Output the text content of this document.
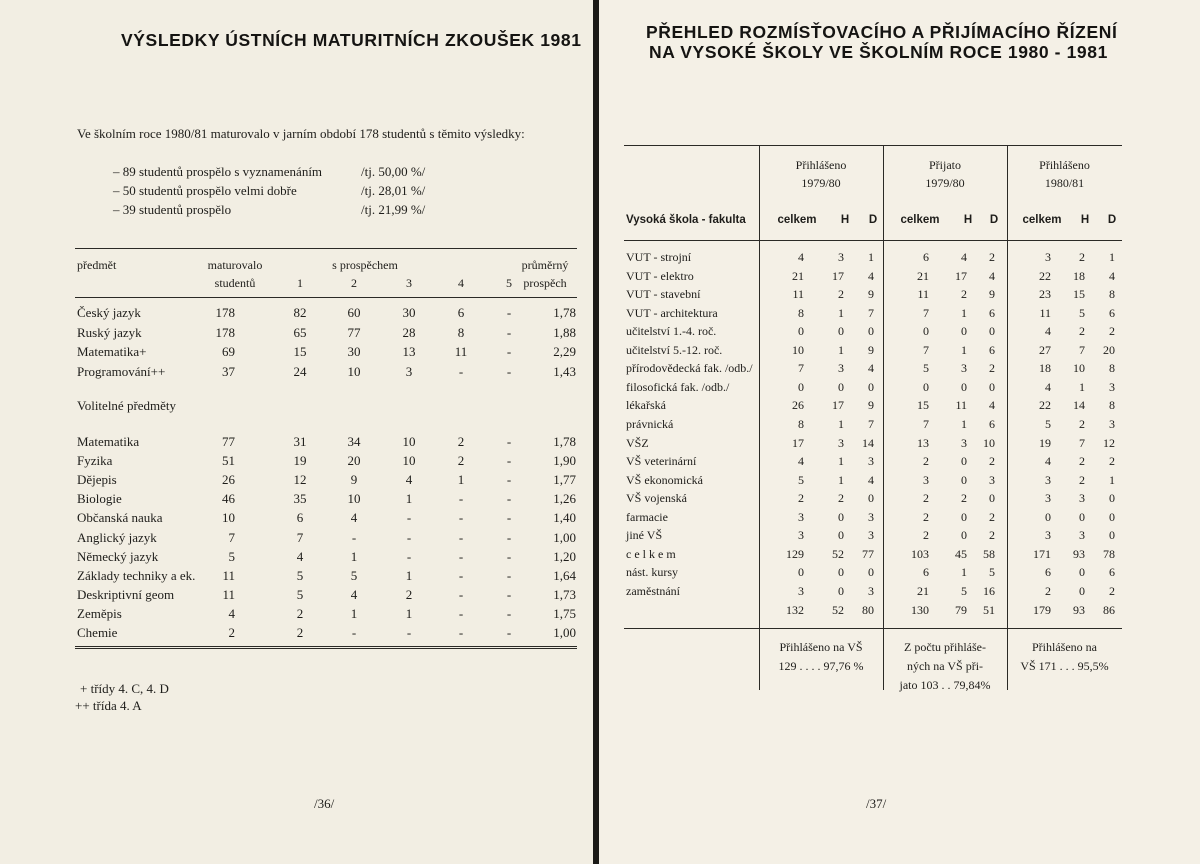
VÝSLEDKY ÚSTNÍCH MATURITNÍCH ZKOUŠEK 1981
Ve školním roce 1980/81 maturovalo v jarním období 178 studentů s těmito výsledky:
– 89 studentů prospělo s vyznamenáním	/tj. 50,00 %/
– 50 studentů prospělo velmi dobře	/tj. 28,01 %/
– 39 studentů prospělo	/tj. 21,99 %/
předmět	maturovalo
studentů
s prospěchem	průměrný
prospěch
1	2	3	4	5
Český jazyk	178	82	60	30	6	-	1,78
Ruský jazyk	178	65	77	28	8	-	1,88
Matematika+	69	15	30	13	11	-	2,29
Programování++	37	24	10	3	-	-	1,43
Matematika	77	31	34	10	2	-	1,78
Fyzika	51	19	20	10	2	-	1,90
Dějepis	26	12	9	4	1	-	1,77
Biologie	46	35	10	1	-	-	1,26
Občanská nauka	10	6	4	-	-	-	1,40
Anglický jazyk	7	7	-	-	-	-	1,00
Německý jazyk	5	4	1	-	-	-	1,20
Základy techniky a ek.	11	5	5	1	-	-	1,64
Deskriptivní geom	11	5	4	2	-	-	1,73
Zeměpis	4	2	1	1	-	-	1,75
Chemie	2	2	-	-	-	-	1,00
Volitelné předměty
+ třídy 4. C, 4. D
++ třída 4. A
/36/
PŘEHLED ROZMÍSŤOVACÍHO A PŘIJÍMACÍHO ŘÍZENÍ
NA VYSOKÉ ŠKOLY VE ŠKOLNÍM ROCE 1980 - 1981
Vysoká škola - fakulta
Přihlášeno
1979/80
Přijato
1979/80
Přihlášeno
1980/81
celkem	H	D	celkem	H	D	celkem	H	D
VUT - strojní	4	3	1	6	4	2	3	2	1
VUT - elektro	21	17	4	21	17	4	22	18	4
VUT - stavební	11	2	9	11	2	9	23	15	8
VUT - architektura	8	1	7	7	1	6	11	5	6
učitelství 1.-4. roč.	0	0	0	0	0	0	4	2	2
učitelství 5.-12. roč.	10	1	9	7	1	6	27	7	20
přírodovědecká fak. /odb./	7	3	4	5	3	2	18	10	8
filosofická fak. /odb./	0	0	0	0	0	0	4	1	3
lékařská	26	17	9	15	11	4	22	14	8
právnická	8	1	7	7	1	6	5	2	3
VŠZ	17	3	14	13	3	10	19	7	12
VŠ veterinární	4	1	3	2	0	2	4	2	2
VŠ ekonomická	5	1	4	3	0	3	3	2	1
VŠ vojenská	2	2	0	2	2	0	3	3	0
farmacie	3	0	3	2	0	2	0	0	0
jiné VŠ	3	0	3	2	0	2	3	3	0
c e l k e m	129	52	77	103	45	58	171	93	78
nást. kursy	0	0	0	6	1	5	6	0	6
zaměstnání	3	0	3	21	5	16	2	0	2
132	52	80	130	79	51	179	93	86
Přihlášeno na VŠ
129 . . . . 97,76 %
Z počtu přihláše-
ných na VŠ při-
jato 103 . . 79,84%
Přihlášeno na
VŠ 171 . . . 95,5%
/37/
